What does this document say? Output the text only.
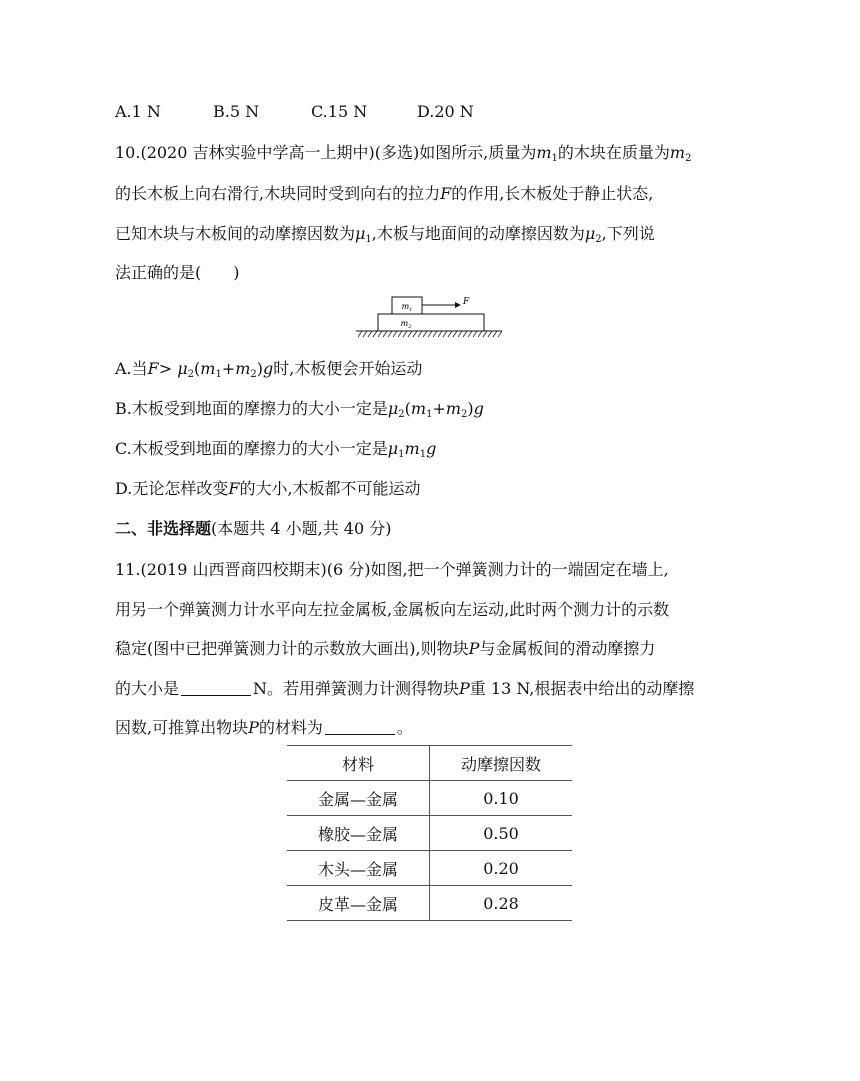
A.1 N	B.5 N	C.15 N	D.20 N
10.(2020 吉林实验中学高一上期中)(多选)如图所示,质量为$m_1$的木块在质量为$m_2$
的长木板上向右滑行,木块同时受到向右的拉力F的作用,长木板处于静止状态,
已知木块与木板间的动摩擦因数为$\mu_1$,木板与地面间的动摩擦因数为$\mu_2$,下列说
法正确的是(　　)
$m_1$
F
$m_2$
A.当$F> \mu_2(m_1+m_2)g$时,木板便会开始运动
B.木板受到地面的摩擦力的大小一定是$\mu_2(m_1+m_2)g$
C.木板受到地面的摩擦力的大小一定是$\mu_1m_1g$
D.无论怎样改变F的大小,木板都不可能运动
二、非选择题(本题共 4 小题,共 40 分)
11.(2019 山西晋商四校期末)(6 分)如图,把一个弹簧测力计的一端固定在墙上,
用另一个弹簧测力计水平向左拉金属板,金属板向左运动,此时两个测力计的示数
稳定(图中已把弹簧测力计的示数放大画出),则物块P与金属板间的滑动摩擦力
的大小是	N。若用弹簧测力计测得物块P重 13 N,根据表中给出的动摩擦
因数,可推算出物块P的材料为	。
材料	动摩擦因数
金属—金属	0.10
橡胶—金属	0.50
木头—金属	0.20
皮革—金属	0.28
